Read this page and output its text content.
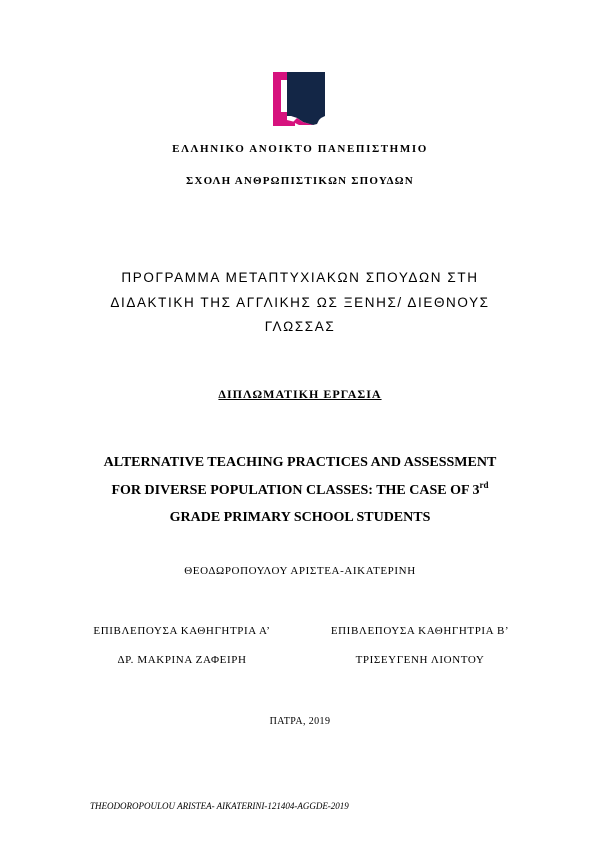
ΕΛΛΗΝΙΚΟ ΑΝΟΙΚΤΟ ΠΑΝΕΠΙΣΤΗΜΙΟ
ΣΧΟΛΗ ΑΝΘΡΩΠΙΣΤΙΚΩΝ ΣΠΟΥΔΩΝ
ΠΡΟΓΡΑΜΜΑ ΜΕΤΑΠΤΥΧΙΑΚΩΝ ΣΠΟΥΔΩΝ ΣΤΗ
ΔΙΔΑΚΤΙΚΗ ΤΗΣ ΑΓΓΛΙΚΗΣ ΩΣ ΞΕΝΗΣ/ ΔΙΕΘΝΟΥΣ
ΓΛΩΣΣΑΣ
ΔΙΠΛΩΜΑΤΙΚΗ ΕΡΓΑΣΙΑ
ALTERNATIVE TEACHING PRACTICES AND ASSESSMENT
FOR DIVERSE POPULATION CLASSES: THE CASE OF 3rd
GRADE PRIMARY SCHOOL STUDENTS
ΘΕΟΔΩΡΟΠΟΥΛΟΥ ΑΡΙΣΤΕΑ-ΑΙΚΑΤΕΡΙΝΗ
ΕΠΙΒΛΕΠΟΥΣΑ ΚΑΘΗΓΗΤΡΙΑ Α’	ΕΠΙΒΛΕΠΟΥΣΑ ΚΑΘΗΓΗΤΡΙΑ Β’
ΔΡ. ΜΑΚΡΙΝΑ ΖΑΦΕΙΡΗ	ΤΡΙΣΕΥΓΕΝΗ ΛΙΟΝΤΟΥ
ΠΑΤΡΑ, 2019
THEODOROPOULOU ARISTEA- AIKATERINI-121404-AGGDE-2019
